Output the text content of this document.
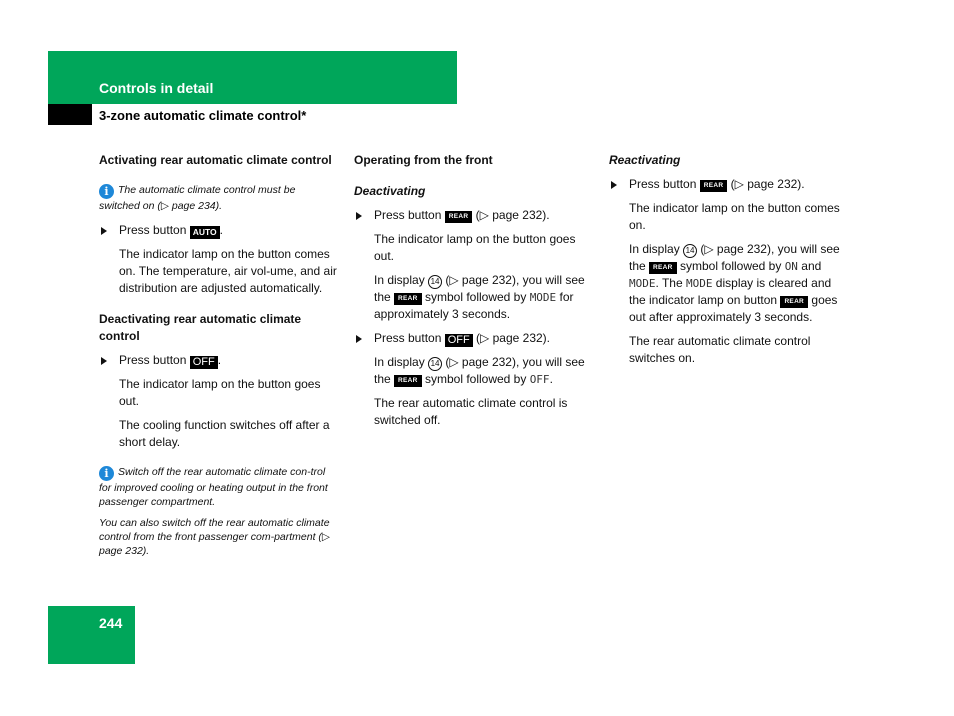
Controls in detail
3-zone automatic climate control*

Activating rear automatic climate control

i The automatic climate control must be switched on (▷ page 234).

Press button AUTO .

The indicator lamp on the button comes on. The temperature, air vol-ume, and air distribution are adjusted automatically.

Deactivating rear automatic climate control

Press button OFF .

The indicator lamp on the button goes out.

The cooling function switches off after a short delay.

i Switch off the rear automatic climate con-trol for improved cooling or heating output in the front passenger compartment.

You can also switch off the rear automatic climate control from the front passenger com-partment (▷ page 232).

Operating from the front

Deactivating

Press button REAR (▷ page 232).

The indicator lamp on the button goes out.

In display 14 (▷ page 232), you will see the REAR symbol followed by MODE for approximately 3 seconds.

Press button OFF (▷ page 232).

In display 14 (▷ page 232), you will see the REAR symbol followed by OFF.

The rear automatic climate control is switched off.

Reactivating

Press button REAR (▷ page 232).

The indicator lamp on the button comes on.

In display 14 (▷ page 232), you will see the REAR symbol followed by ON and MODE. The MODE display is cleared and the indicator lamp on button REAR goes out after approximately 3 seconds.

The rear automatic climate control switches on.

244
